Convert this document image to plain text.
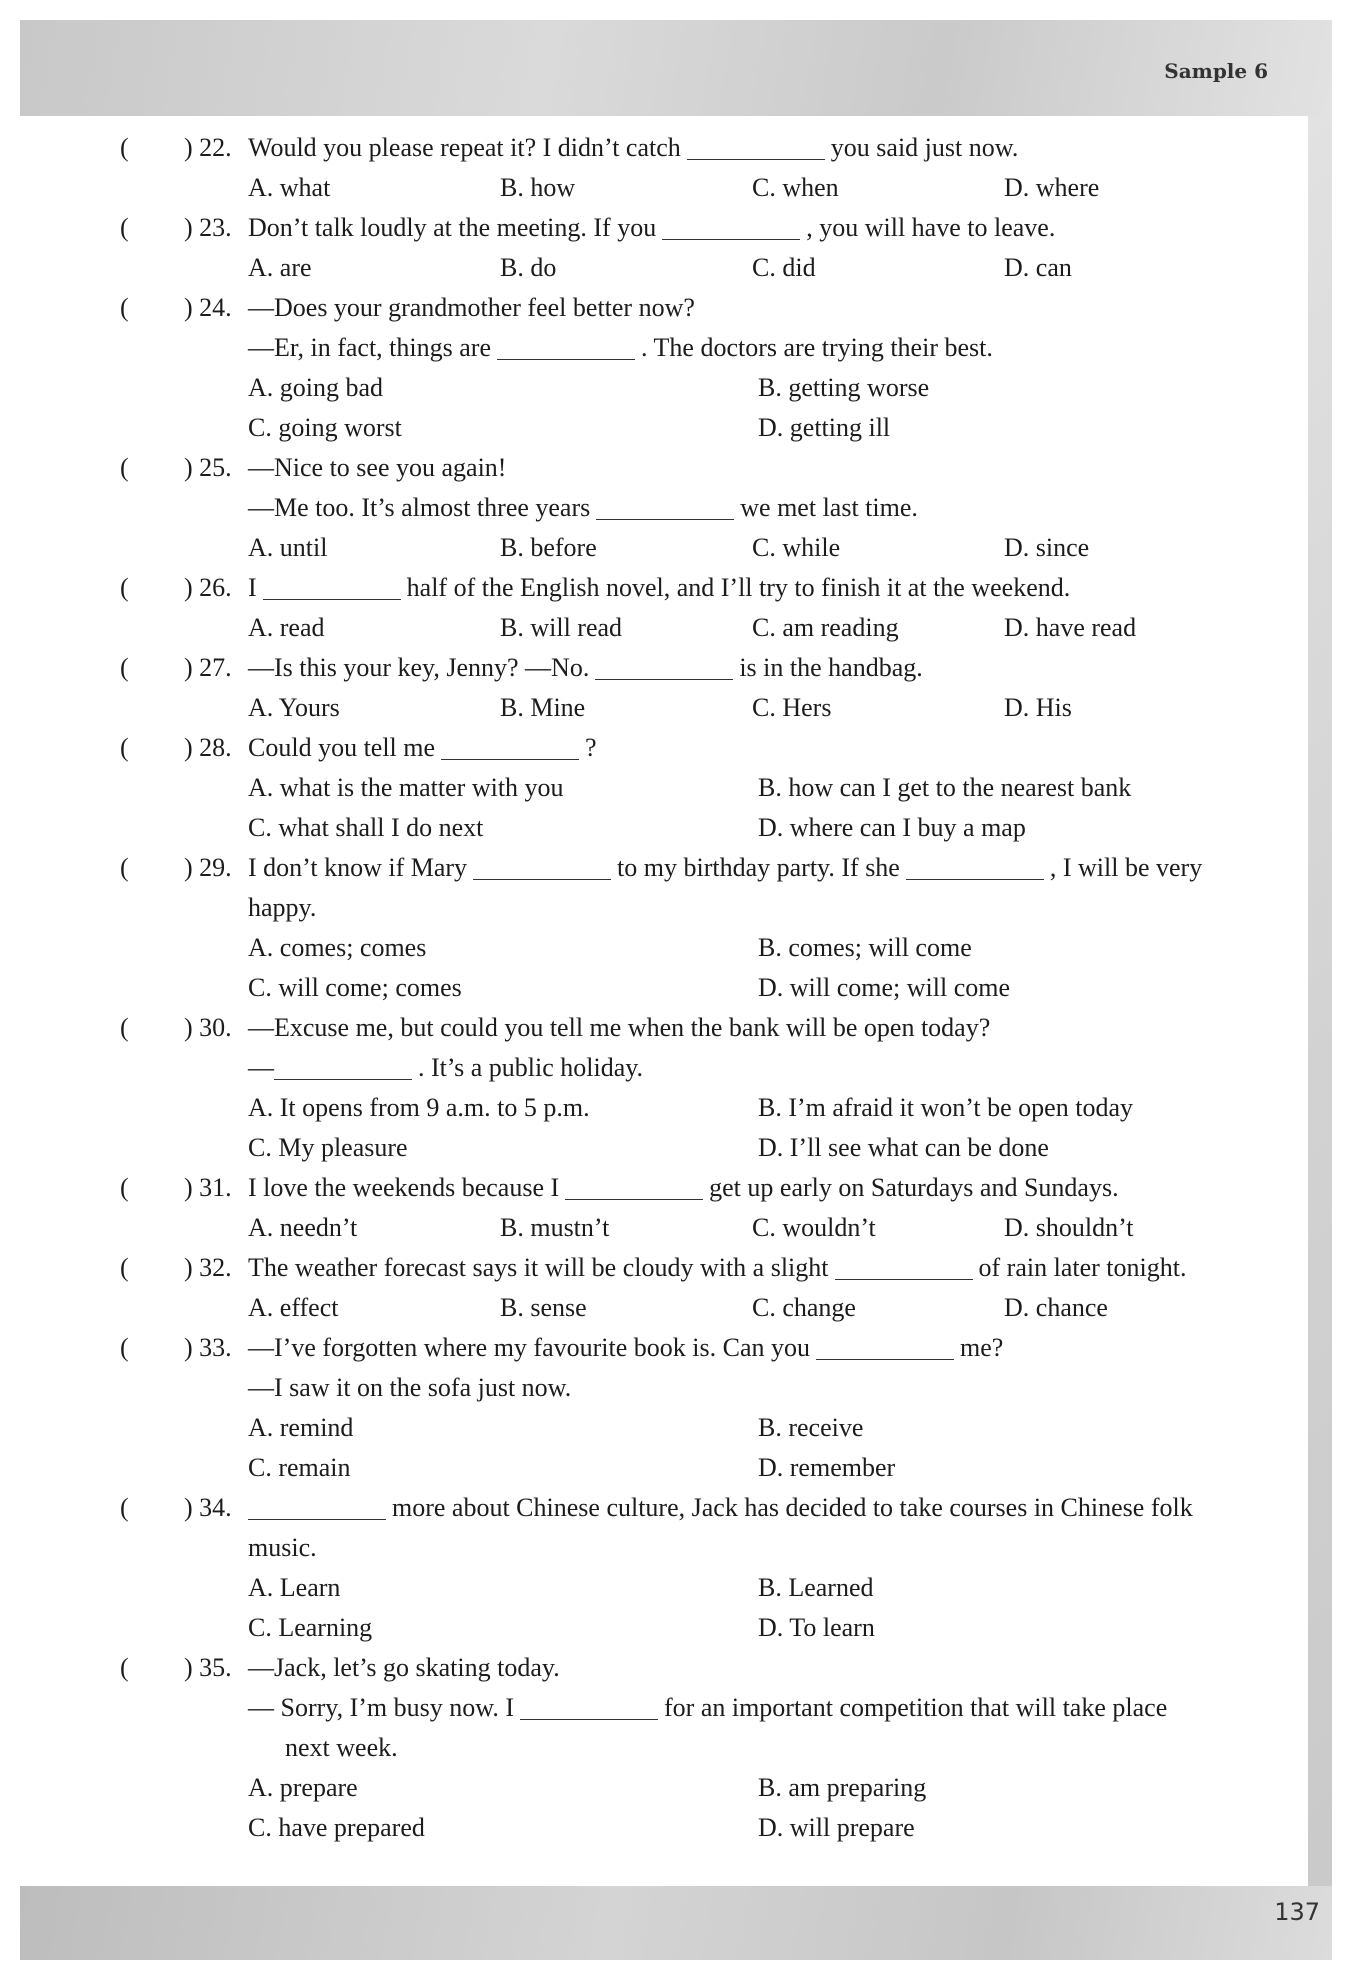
Sample 6
137
( ) 22. Would you please repeat it? I didn’t catch	you said just now.
A. what	B. how	C. when	D. where
( ) 23. Don’t talk loudly at the meeting. If you	, you will have to leave.
A. are	B. do	C. did	D. can
( ) 24. —Does your grandmother feel better now?
—Er, in fact, things are	. The doctors are trying their best.
A. going bad	B. getting worse
C. going worst	D. getting ill
( ) 25. —Nice to see you again!
—Me too. It’s almost three years	we met last time.
A. until	B. before	C. while	D. since
( ) 26. I	half of the English novel, and I’ll try to finish it at the weekend.
A. read	B. will read	C. am reading	D. have read
( ) 27. —Is this your key, Jenny? —No.	is in the handbag.
A. Yours	B. Mine	C. Hers	D. His
( ) 28. Could you tell me	?
A. what is the matter with you	B. how can I get to the nearest bank
C. what shall I do next	D. where can I buy a map
( ) 29. I don’t know if Mary	to my birthday party. If she	, I will be very
happy.
A. comes; comes	B. comes; will come
C. will come; comes	D. will come; will come
( ) 30. —Excuse me, but could you tell me when the bank will be open today?
—	. It’s a public holiday.
A. It opens from 9 a.m. to 5 p.m.	B. I’m afraid it won’t be open today
C. My pleasure	D. I’ll see what can be done
( ) 31. I love the weekends because I	get up early on Saturdays and Sundays.
A. needn’t	B. mustn’t	C. wouldn’t	D. shouldn’t
( ) 32. The weather forecast says it will be cloudy with a slight	of rain later tonight.
A. effect	B. sense	C. change	D. chance
( ) 33. —I’ve forgotten where my favourite book is. Can you	me?
—I saw it on the sofa just now.
A. remind	B. receive
C. remain	D. remember
( ) 34.	more about Chinese culture, Jack has decided to take courses in Chinese folk
music.
A. Learn	B. Learned
C. Learning	D. To learn
( ) 35. —Jack, let’s go skating today.
— Sorry, I’m busy now. I	for an important competition that will take place
next week.
A. prepare	B. am preparing
C. have prepared	D. will prepare
